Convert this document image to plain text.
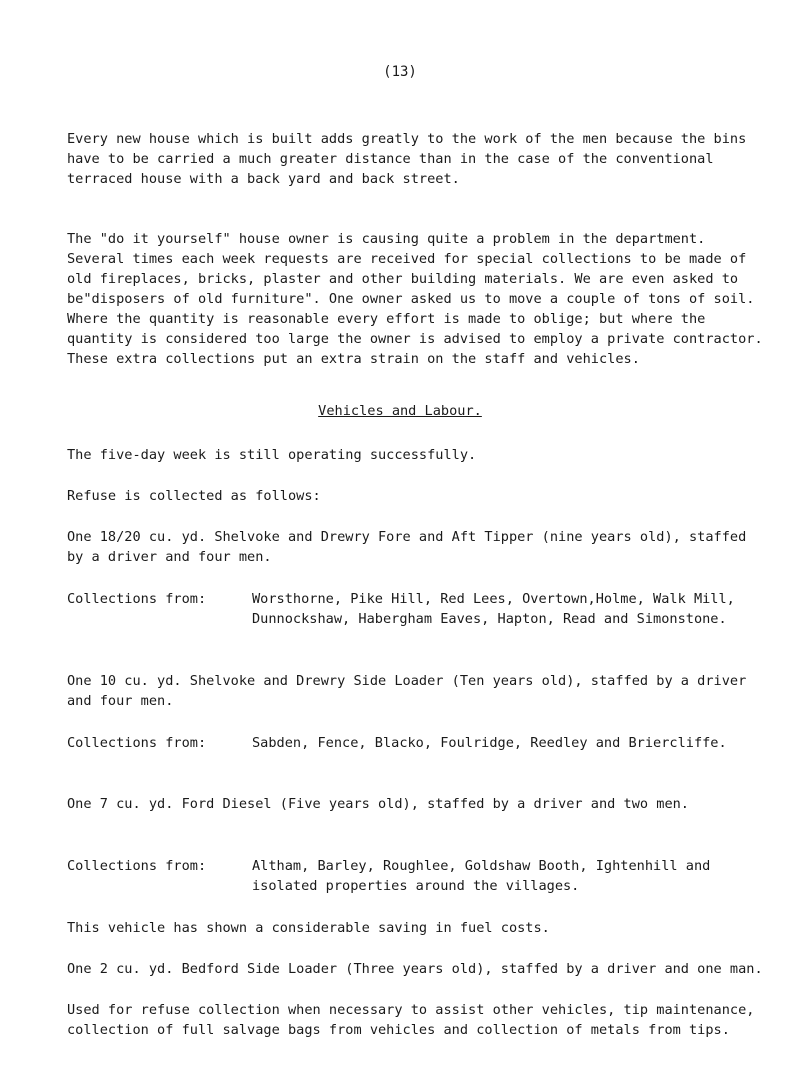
(13)

Every new house which is built adds greatly to the work of the men because the bins have to be carried a much greater distance than in the case of the conventional terraced house with a back yard and back street.

The "do it yourself" house owner is causing quite a problem in the department. Several times each week requests are received for special collections to be made of old fireplaces, bricks, plaster and other building materials. We are even asked to be"disposers of old furniture". One owner asked us to move a couple of tons of soil. Where the quantity is reasonable every effort is made to oblige; but where the quantity is considered too large the owner is advised to employ a private contractor. These extra collections put an extra strain on the staff and vehicles.

Vehicles and Labour.

The five-day week is still operating successfully.

Refuse is collected as follows:

One 18/20 cu. yd. Shelvoke and Drewry Fore and Aft Tipper (nine years old), staffed by a driver and four men.

Collections from:	Worsthorne, Pike Hill, Red Lees, Overtown,Holme, Walk Mill, Dunnockshaw, Habergham Eaves, Hapton, Read and Simonstone.

One 10 cu. yd. Shelvoke and Drewry Side Loader (Ten years old), staffed by a driver and four men.

Collections from:	Sabden, Fence, Blacko, Foulridge, Reedley and Briercliffe.

One 7 cu. yd. Ford Diesel (Five years old), staffed by a driver and two men.

Collections from:	Altham, Barley, Roughlee, Goldshaw Booth, Ightenhill and isolated properties around the villages.

This vehicle has shown a considerable saving in fuel costs.

One 2 cu. yd. Bedford Side Loader (Three years old), staffed by a driver and one man.

Used for refuse collection when necessary to assist other vehicles, tip maintenance, collection of full salvage bags from vehicles and collection of metals from tips.
